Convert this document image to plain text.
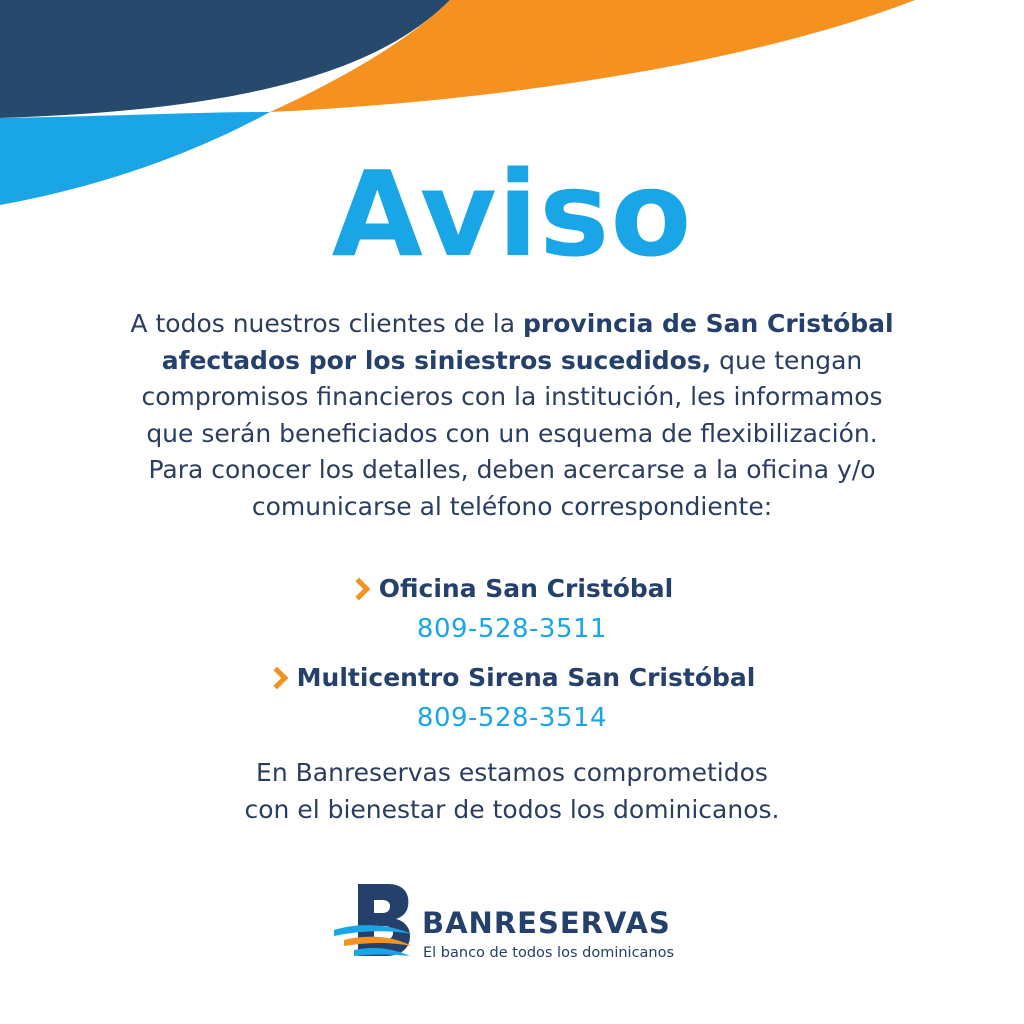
Aviso
A todos nuestros clientes de la provincia de San Cristóbal afectados por los siniestros sucedidos, que tengan compromisos financieros con la institución, les informamos que serán beneficiados con un esquema de flexibilización. Para conocer los detalles, deben acercarse a la oficina y/o comunicarse al teléfono correspondiente:
Oficina San Cristóbal
809-528-3511
Multicentro Sirena San Cristóbal
809-528-3514
En Banreservas estamos comprometidos
con el bienestar de todos los dominicanos.
BANRESERVAS
El banco de todos los dominicanos
